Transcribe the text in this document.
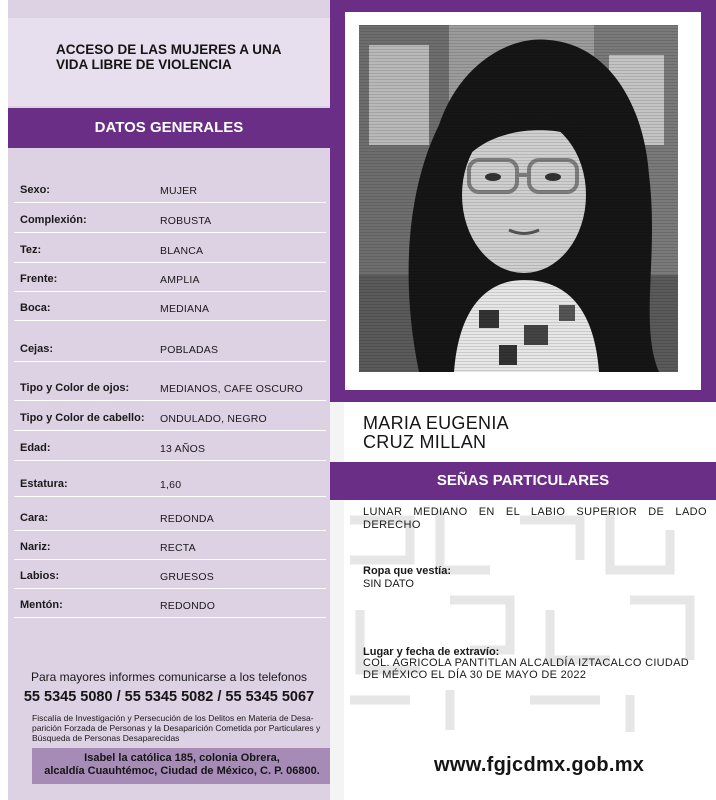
ACCESO DE LAS MUJERES A UNA VIDA LIBRE DE VIOLENCIA
DATOS GENERALES
Sexo:	MUJER
Complexión:	ROBUSTA
Tez:	BLANCA
Frente:	AMPLIA
Boca:	MEDIANA
Cejas:	POBLADAS
Tipo y Color de ojos:	MEDIANOS, CAFE OSCURO
Tipo y Color de cabello: ONDULADO, NEGRO
Edad:	13 AÑOS
Estatura:	1,60
Cara:	REDONDA
Nariz:	RECTA
Labios:	GRUESOS
Mentón:	REDONDO
Para mayores informes comunicarse a los telefonos
55 5345 5080 / 55 5345 5082 / 55 5345 5067
Fiscalía de Investigación y Persecución de los Delitos en Materia de Desa-parición Forzada de Personas y la Desaparición Cometida por Particulares y Búsqueda de Personas Desaparecidas
Isabel la católica 185, colonia Obrera,
alcaldía Cuauhtémoc, Ciudad de México, C. P. 06800.
MARIA EUGENIA
CRUZ MILLAN
SEÑAS PARTICULARES
LUNAR MEDIANO EN EL LABIO SUPERIOR DE LADO DERECHO
Ropa que vestía:
SIN DATO
Lugar y fecha de extravío:
COL. AGRICOLA PANTITLAN ALCALDÍA IZTACALCO CIUDAD DE MÉXICO EL DÍA 30 DE MAYO DE 2022
www.fgjcdmx.gob.mx
